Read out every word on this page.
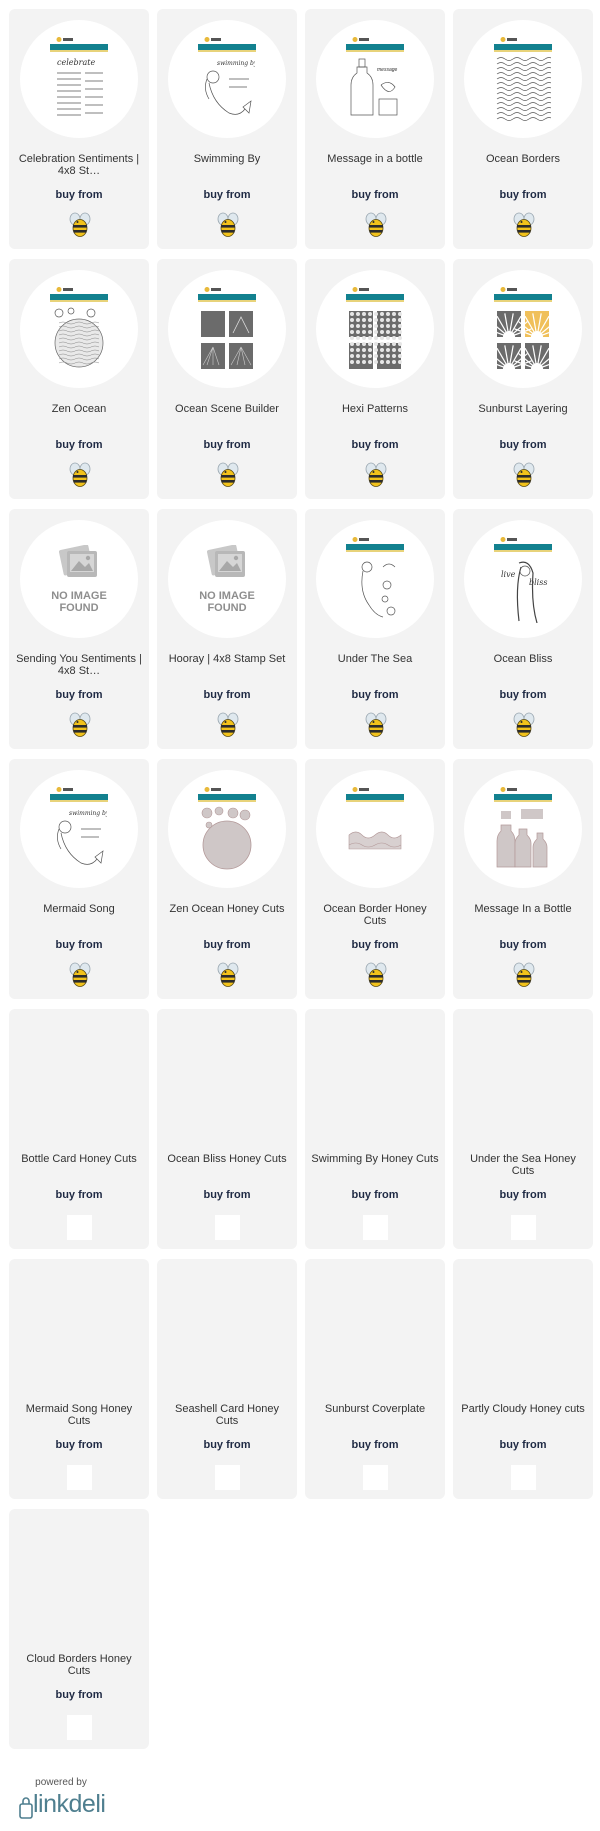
celebrate
Celebration Sentiments | 4x8 St…
buy from
swimming by
Swimming By
buy from
message
Message in a bottle
buy from
Ocean Borders
buy from
Zen Ocean
buy from
Ocean Scene Builder
buy from
Hexi Patterns
buy from
Sunburst Layering
buy from
NO IMAGE FOUND
Sending You Sentiments | 4x8 St…
buy from
NO IMAGE FOUND
Hooray | 4x8 Stamp Set
buy from
Under The Sea
buy from
live
bliss
Ocean Bliss
buy from
swimming by
Mermaid Song
buy from
Zen Ocean Honey Cuts
buy from
Ocean Border Honey Cuts
buy from
Message In a Bottle
buy from
Bottle Card Honey Cuts
buy from
Ocean Bliss Honey Cuts
buy from
Swimming By Honey Cuts
buy from
Under the Sea Honey Cuts
buy from
Mermaid Song Honey Cuts
buy from
Seashell Card Honey Cuts
buy from
Sunburst Coverplate
buy from
Partly Cloudy Honey cuts
buy from
Cloud Borders Honey Cuts
buy from
powered by
linkdeli
